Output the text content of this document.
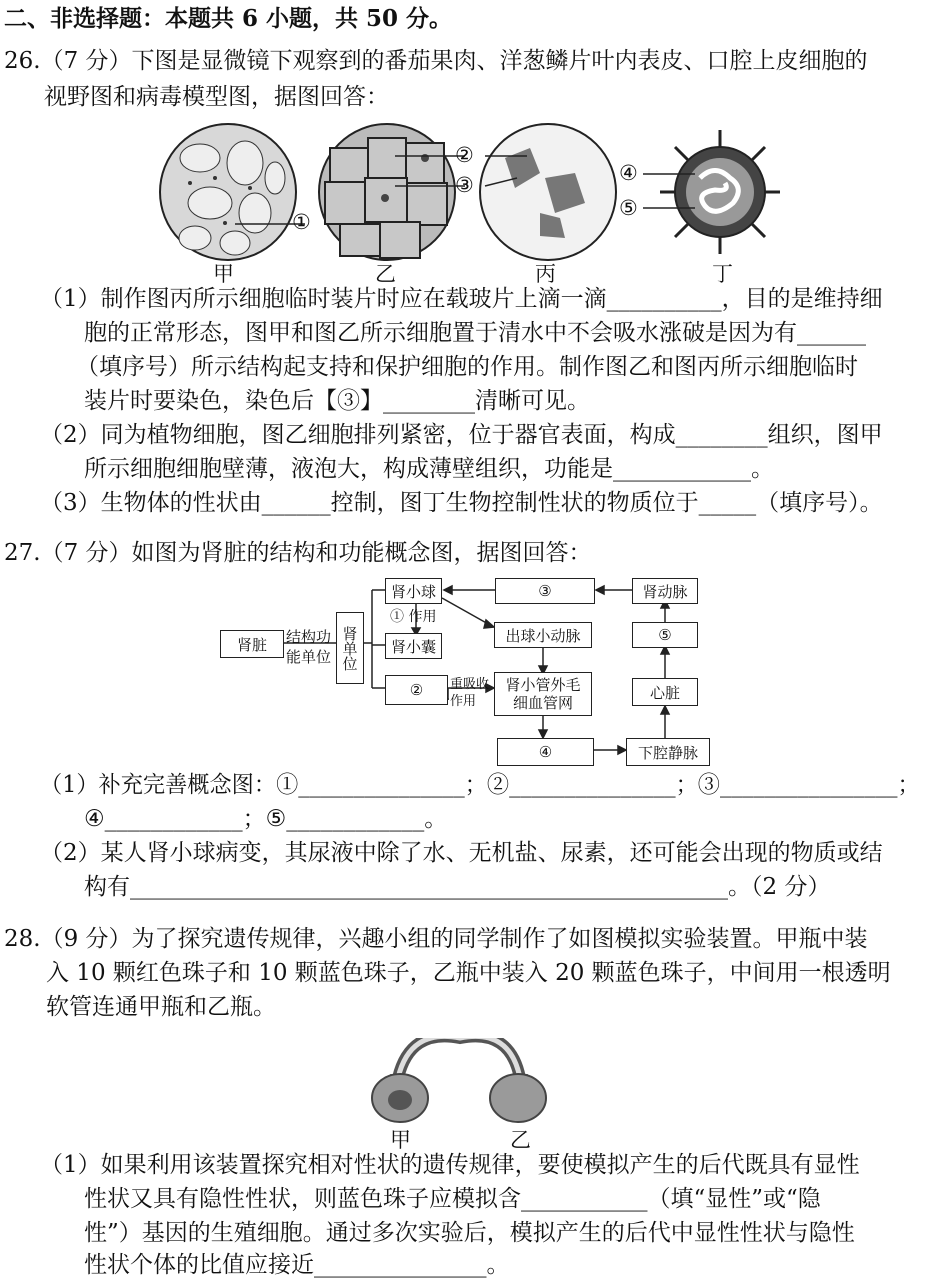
二、非选择题：本题共 6 小题，共 50 分。
26.（7 分）下图是显微镜下观察到的番茄果肉、洋葱鳞片叶内表皮、口腔上皮细胞的
视野图和病毒模型图，据图回答：
①
②
③	④
⑤
甲	乙	丙	丁
（1）制作图丙所示细胞临时装片时应在载玻片上滴一滴__________，目的是维持细
胞的正常形态，图甲和图乙所示细胞置于清水中不会吸水涨破是因为有______
（填序号）所示结构起支持和保护细胞的作用。制作图乙和图丙所示细胞临时
装片时要染色，染色后【③】________清晰可见。
（2）同为植物细胞，图乙细胞排列紧密，位于器官表面，构成________组织，图甲
所示细胞细胞壁薄，液泡大，构成薄壁组织，功能是____________。
（3）生物体的性状由______控制，图丁生物控制性状的物质位于_____（填序号）。
27.（7 分）如图为肾脏的结构和功能概念图，据图回答：
肾脏	结构功能单位 肾单位
肾小球
① 作用
肾小囊
②	重吸收作用
③	肾动脉
出球小动脉	⑤
肾小管外毛细血管网
心脏
④	下腔静脉
（1）补充完善概念图：①_______________；②_______________；③________________；
④____________；⑤____________。
（2）某人肾小球病变，其尿液中除了水、无机盐、尿素，还可能会出现的物质或结
构有____________________________________________________。（2 分）
28.（9 分）为了探究遗传规律，兴趣小组的同学制作了如图模拟实验装置。甲瓶中装
入 10 颗红色珠子和 10 颗蓝色珠子，乙瓶中装入 20 颗蓝色珠子，中间用一根透明
软管连通甲瓶和乙瓶。
甲	乙
（1）如果利用该装置探究相对性状的遗传规律，要使模拟产生的后代既具有显性
性状又具有隐性性状，则蓝色珠子应模拟含___________（填“显性”或“隐
性”）基因的生殖细胞。通过多次实验后，模拟产生的后代中显性性状与隐性
性状个体的比值应接近_______________。
